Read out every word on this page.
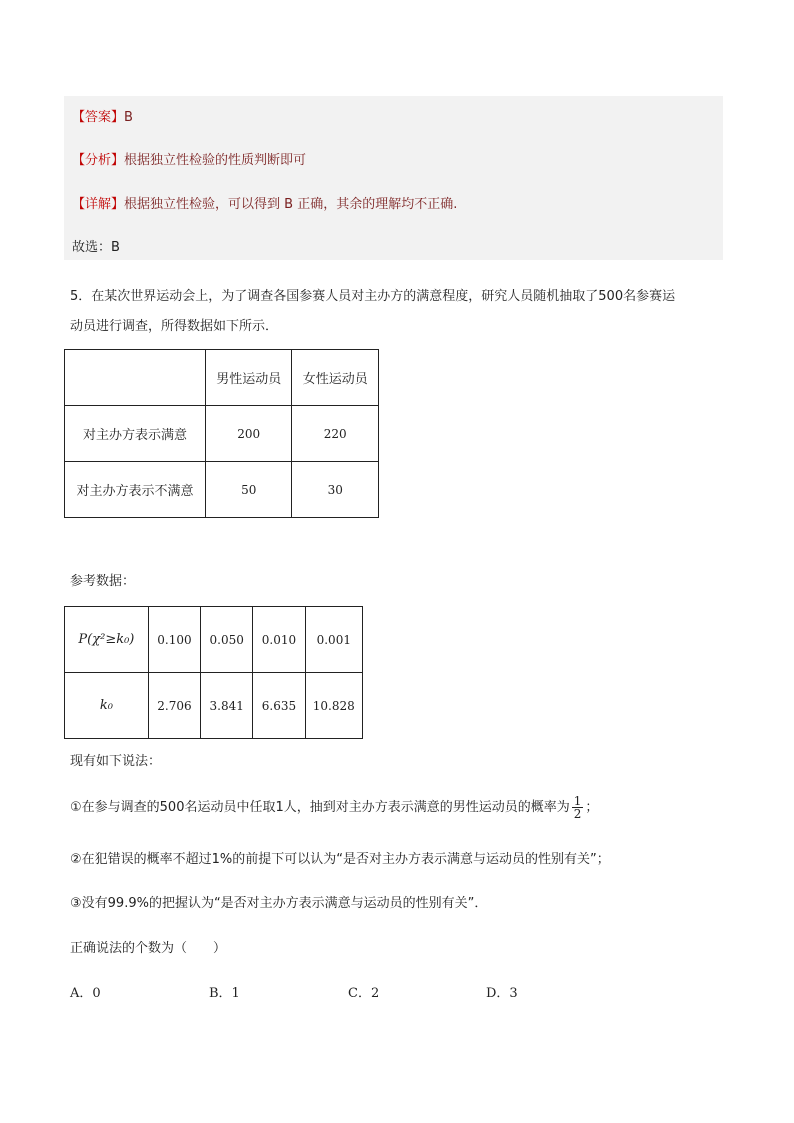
【答案】B
【分析】根据独立性检验的性质判断即可
【详解】根据独立性检验，可以得到 B 正确，其余的理解均不正确.
故选：B
5．在某次世界运动会上，为了调查各国参赛人员对主办方的满意程度，研究人员随机抽取了500名参赛运
动员进行调查，所得数据如下所示．
	男性运动员	女性运动员
对主办方表示满意	200	220
对主办方表示不满意	50	30
参考数据：
P(χ²≥k₀)	0.100	0.050	0.010	0.001
k₀	2.706	3.841	6.635	10.828
现有如下说法：
①在参与调查的500名运动员中任取1人，抽到对主办方表示满意的男性运动员的概率为 $\frac{1}{2}$ ；
②在犯错误的概率不超过1%的前提下可以认为“是否对主办方表示满意与运动员的性别有关”；
③没有99.9%的把握认为“是否对主办方表示满意与运动员的性别有关”．
正确说法的个数为（　　）
A．0	B．1	C．2	D．3
